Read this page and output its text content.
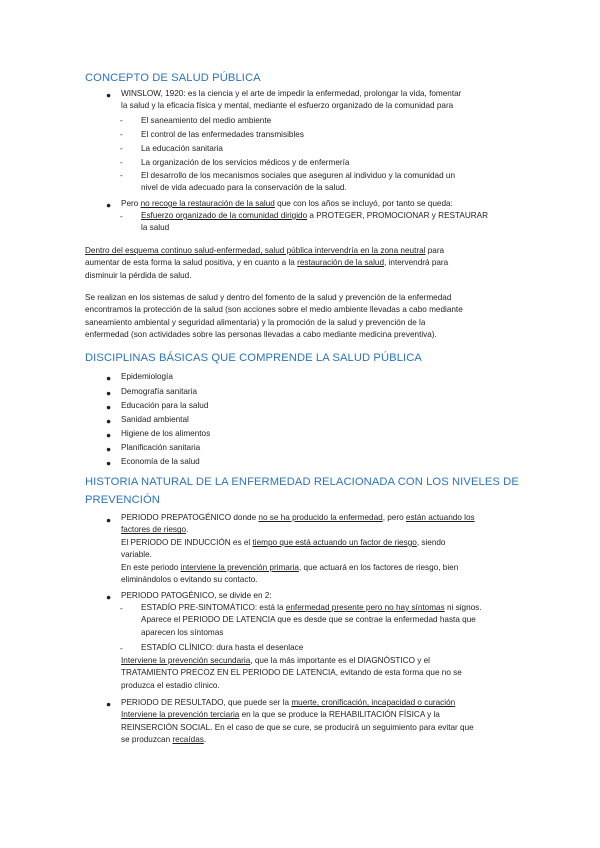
CONCEPTO DE SALUD PÚBLICA
● WINSLOW, 1920: es la ciencia y el arte de impedir la enfermedad, prolongar la vida, fomentar
la salud y la eficacia física y mental, mediante el esfuerzo organizado de la comunidad para
- El saneamiento del medio ambiente
- El control de las enfermedades transmisibles
- La educación sanitaria
- La organización de los servicios médicos y de enfermería
- El desarrollo de los mecanismos sociales que aseguren al individuo y la comunidad un
nivel de vida adecuado para la conservación de la salud.
● Pero no recoge la restauración de la salud que con los años se incluyó, por tanto se queda:
- Esfuerzo organizado de la comunidad dirigido a PROTEGER, PROMOCIONAR y RESTAURAR
la salud
Dentro del esquema continuo salud-enfermedad, salud pública intervendría en la zona neutral para
aumentar de esta forma la salud positiva, y en cuanto a la restauración de la salud, intervendrá para
disminuir la pérdida de salud.
Se realizan en los sistemas de salud y dentro del fomento de la salud y prevención de la enfermedad
encontramos la protección de la salud (son acciones sobre el medio ambiente llevadas a cabo mediante
saneamiento ambiental y seguridad alimentaria) y la promoción de la salud y prevención de la
enfermedad (son actividades sobre las personas llevadas a cabo mediante medicina preventiva).
DISCIPLINAS BÁSICAS QUE COMPRENDE LA SALUD PÚBLICA
● Epidemiología
● Demografía sanitaria
● Educación para la salud
● Sanidad ambiental
● Higiene de los alimentos
● Planificación sanitaria
● Economía de la salud
HISTORIA NATURAL DE LA ENFERMEDAD RELACIONADA CON LOS NIVELES DE
PREVENCIÓN
● PERIODO PREPATOGÉNICO donde no se ha producido la enfermedad, pero están actuando los
factores de riesgo.
El PERIODO DE INDUCCIÓN es el tiempo que está actuando un factor de riesgo, siendo
variable.
En este periodo interviene la prevención primaria, que actuará en los factores de riesgo, bien
eliminándolos o evitando su contacto.
● PERIODO PATOGÉNICO, se divide en 2:
- ESTADÍO PRE-SINTOMÁTICO: está la enfermedad presente pero no hay síntomas ni signos.
Aparece el PERIODO DE LATENCIA que es desde que se contrae la enfermedad hasta que
aparecen los síntomas
- ESTADÍO CLÍNICO: dura hasta el desenlace
Interviene la prevención secundaria, que la más importante es el DIAGNÓSTICO y el
TRATAMIENTO PRECOZ EN EL PERIODO DE LATENCIA, evitando de esta forma que no se
produzca el estadio clínico.
● PERIODO DE RESULTADO, que puede ser la muerte, cronificación, incapacidad o curación
Interviene la prevención terciaria en la que se produce la REHABILITACIÓN FÍSICA y la
REINSERCIÓN SOCIAL. En el caso de que se cure, se producirá un seguimiento para evitar que
se produzcan recaídas.
